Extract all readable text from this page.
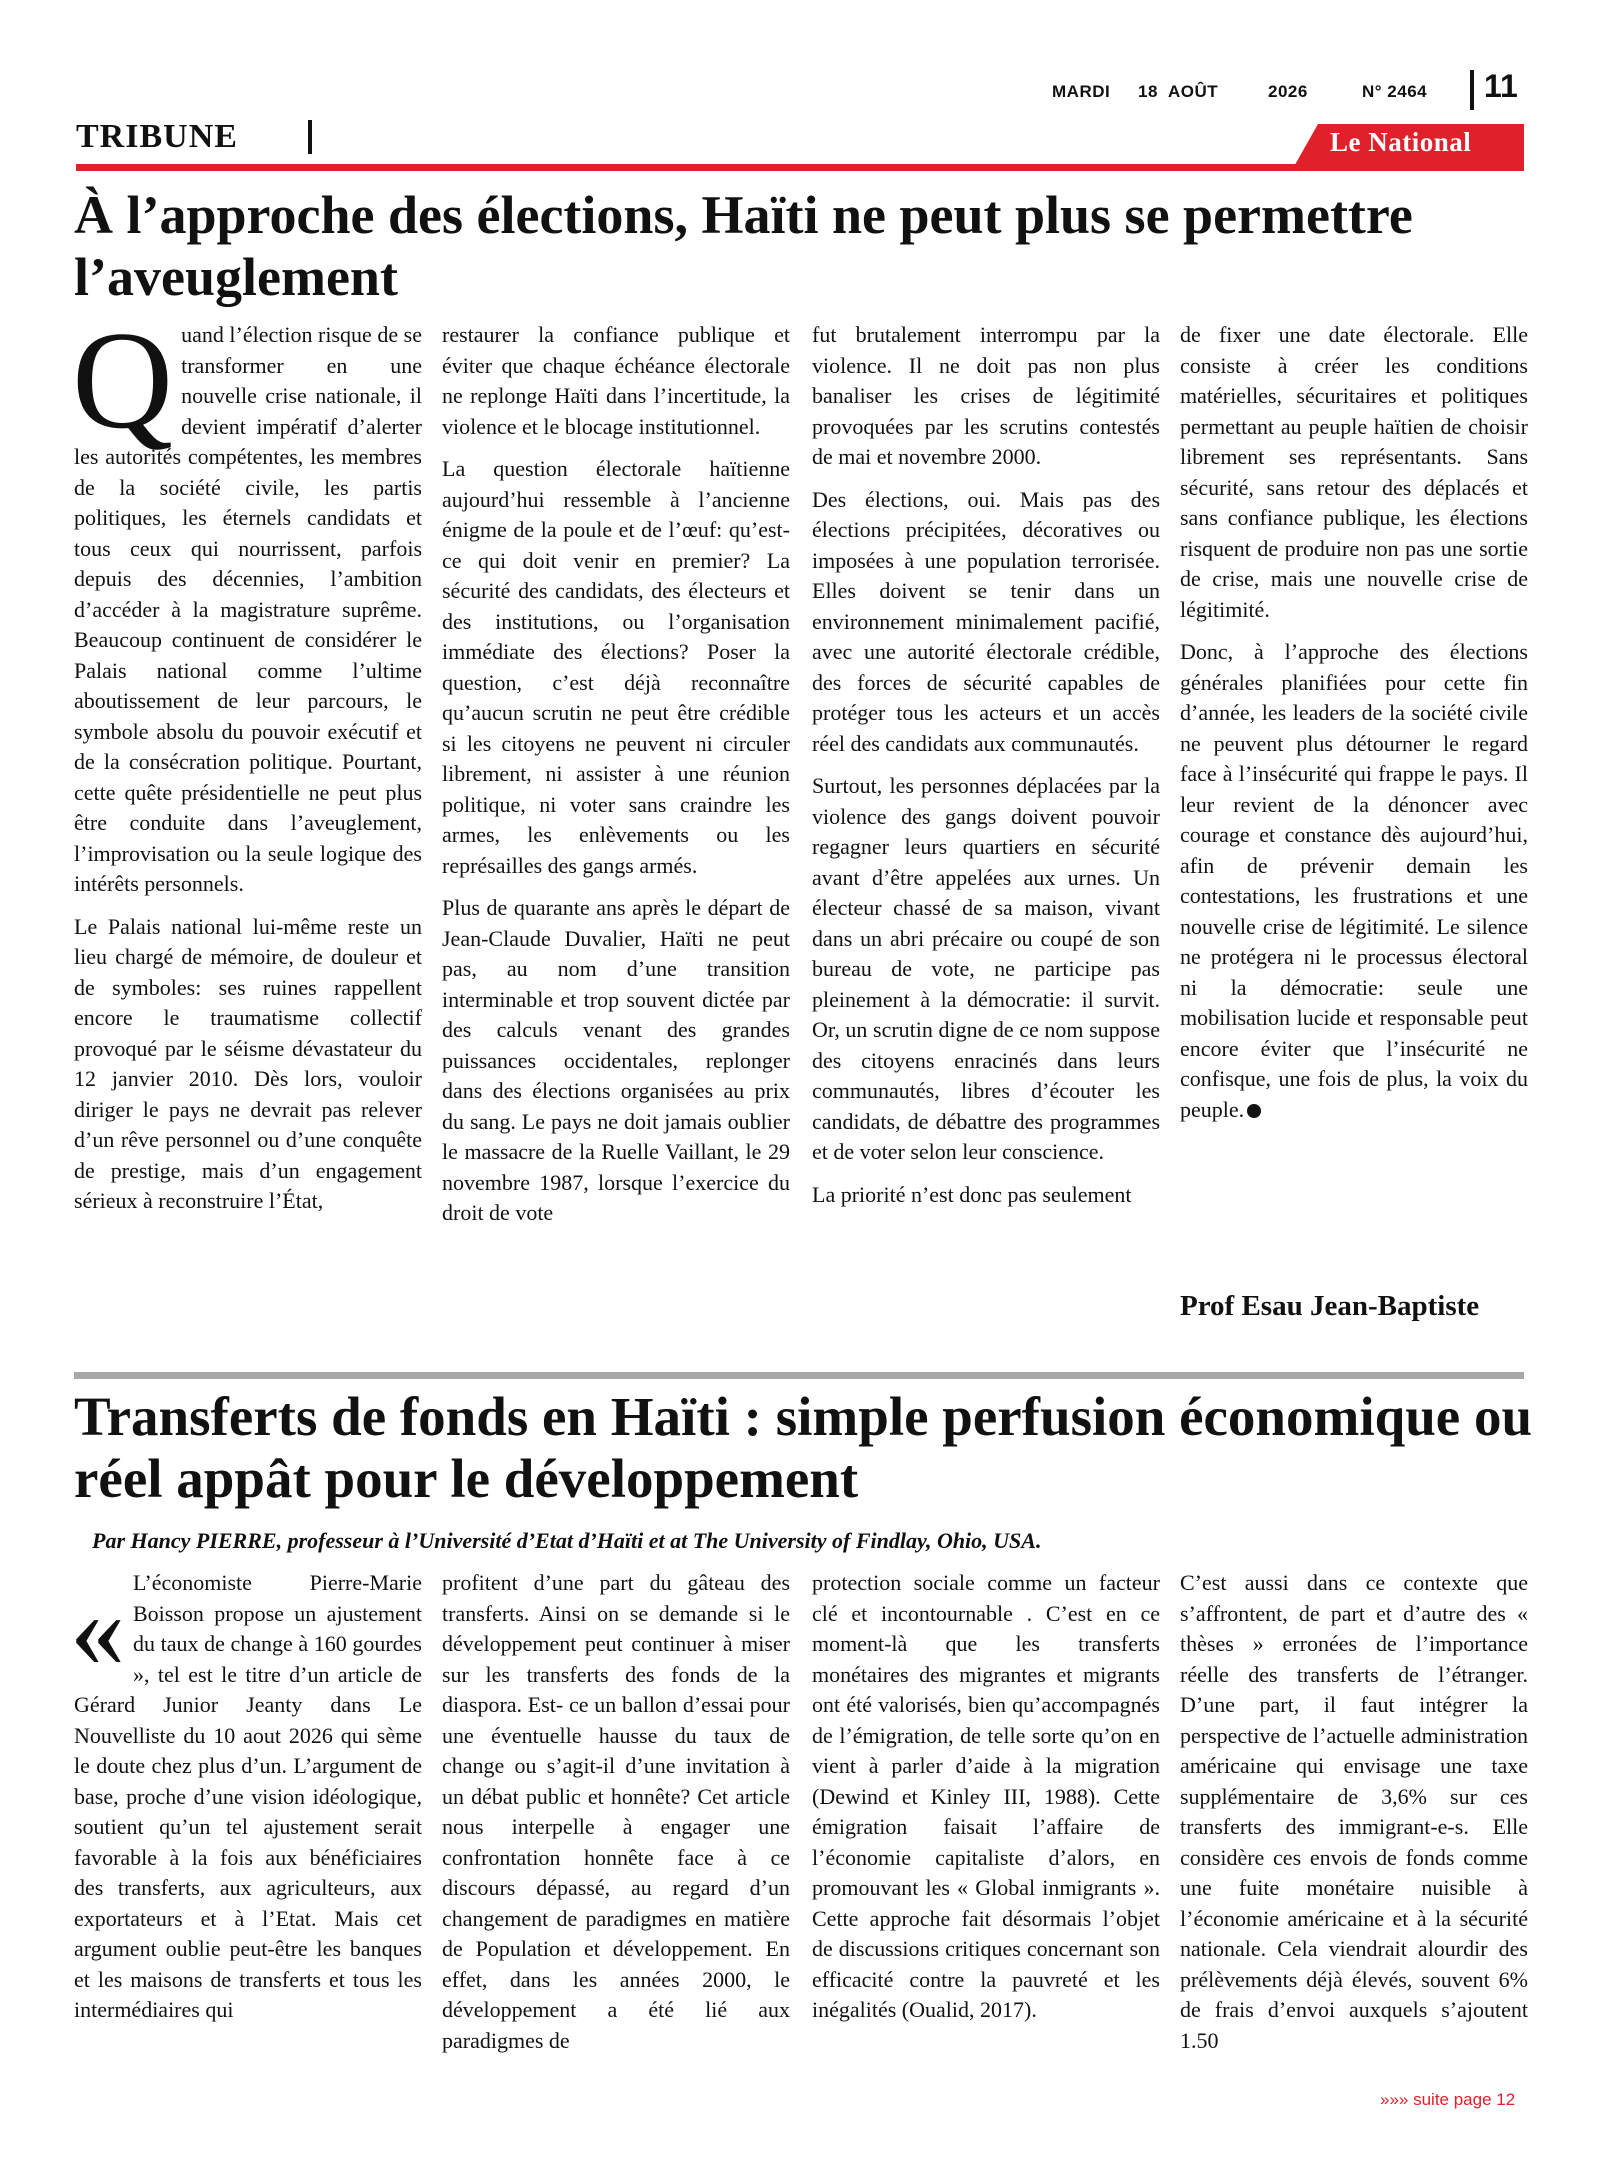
MARDI 18 AOÛT	2026	N° 2464 11
TRIBUNE	Le National
À l’approche des élections, Haïti ne peut plus se permettre l’aveuglement

Quand l’élection risque de se transformer en une nouvelle crise nationale, il devient impératif d’alerter les autorités compétentes, les membres de la société civile, les partis politiques, les éternels candidats et tous ceux qui nourrissent, parfois depuis des décennies, l’ambition d’accéder à la magistrature suprême. Beaucoup continuent de considérer le Palais national comme l’ultime aboutissement de leur parcours, le symbole absolu du pouvoir exécutif et de la consécration politique. Pourtant, cette quête présidentielle ne peut plus être conduite dans l’aveuglement, l’improvisation ou la seule logique des intérêts personnels.

Le Palais national lui-même reste un lieu chargé de mémoire, de douleur et de symboles: ses ruines rappellent encore le traumatisme collectif provoqué par le séisme dévastateur du 12 janvier 2010. Dès lors, vouloir diriger le pays ne devrait pas relever d’un rêve personnel ou d’une conquête de prestige, mais d’un engagement sérieux à reconstruire l’État,

restaurer la confiance publique et éviter que chaque échéance électorale ne replonge Haïti dans l’incertitude, la violence et le blocage institutionnel.

La question électorale haïtienne aujourd’hui ressemble à l’ancienne énigme de la poule et de l’œuf: qu’est-ce qui doit venir en premier? La sécurité des candidats, des électeurs et des institutions, ou l’organisation immédiate des élections? Poser la question, c’est déjà reconnaître qu’aucun scrutin ne peut être crédible si les citoyens ne peuvent ni circuler librement, ni assister à une réunion politique, ni voter sans craindre les armes, les enlèvements ou les représailles des gangs armés.

Plus de quarante ans après le départ de Jean-Claude Duvalier, Haïti ne peut pas, au nom d’une transition interminable et trop souvent dictée par des calculs venant des grandes puissances occidentales, replonger dans des élections organisées au prix du sang. Le pays ne doit jamais oublier le massacre de la Ruelle Vaillant, le 29 novembre 1987, lorsque l’exercice du droit de vote

fut brutalement interrompu par la violence. Il ne doit pas non plus banaliser les crises de légitimité provoquées par les scrutins contestés de mai et novembre 2000.

Des élections, oui. Mais pas des élections précipitées, décoratives ou imposées à une population terrorisée. Elles doivent se tenir dans un environnement minimalement pacifié, avec une autorité électorale crédible, des forces de sécurité capables de protéger tous les acteurs et un accès réel des candidats aux communautés.

Surtout, les personnes déplacées par la violence des gangs doivent pouvoir regagner leurs quartiers en sécurité avant d’être appelées aux urnes. Un électeur chassé de sa maison, vivant dans un abri précaire ou coupé de son bureau de vote, ne participe pas pleinement à la démocratie: il survit. Or, un scrutin digne de ce nom suppose des citoyens enracinés dans leurs communautés, libres d’écouter les candidats, de débattre des programmes et de voter selon leur conscience.

La priorité n’est donc pas seulement

de fixer une date électorale. Elle consiste à créer les conditions matérielles, sécuritaires et politiques permettant au peuple haïtien de choisir librement ses représentants. Sans sécurité, sans retour des déplacés et sans confiance publique, les élections risquent de produire non pas une sortie de crise, mais une nouvelle crise de légitimité.

Donc, à l’approche des élections générales planifiées pour cette fin d’année, les leaders de la société civile ne peuvent plus détourner le regard face à l’insécurité qui frappe le pays. Il leur revient de la dénoncer avec courage et constance dès aujourd’hui, afin de prévenir demain les contestations, les frustrations et une nouvelle crise de légitimité. Le silence ne protégera ni le processus électoral ni la démocratie: seule une mobilisation lucide et responsable peut encore éviter que l’insécurité ne confisque, une fois de plus, la voix du peuple.

Prof Esau Jean-Baptiste
Transferts de fonds en Haïti : simple perfusion économique ou réel appât pour le développement
Par Hancy PIERRE, professeur à l’Université d’Etat d’Haïti et at The University of Findlay, Ohio, USA.

« L’économiste Pierre-Marie Boisson propose un ajustement du taux de change à 160 gourdes », tel est le titre d’un article de Gérard Junior Jeanty dans Le Nouvelliste du 10 aout 2026 qui sème le doute chez plus d’un. L’argument de base, proche d’une vision idéologique, soutient qu’un tel ajustement serait favorable à la fois aux bénéficiaires des transferts, aux agriculteurs, aux exportateurs et à l’Etat. Mais cet argument oublie peut-être les banques et les maisons de transferts et tous les intermédiaires qui

profitent d’une part du gâteau des transferts. Ainsi on se demande si le développement peut continuer à miser sur les transferts des fonds de la diaspora. Est- ce un ballon d’essai pour une éventuelle hausse du taux de change ou s’agit-il d’une invitation à un débat public et honnête? Cet article nous interpelle à engager une confrontation honnête face à ce discours dépassé, au regard d’un changement de paradigmes en matière de Population et développement. En effet, dans les années 2000, le développement a été lié aux paradigmes de

protection sociale comme un facteur clé et incontournable . C’est en ce moment-là que les transferts monétaires des migrantes et migrants ont été valorisés, bien qu’accompagnés de l’émigration, de telle sorte qu’on en vient à parler d’aide à la migration (Dewind et Kinley III, 1988). Cette émigration faisait l’affaire de l’économie capitaliste d’alors, en promouvant les « Global inmigrants ». Cette approche fait désormais l’objet de discussions critiques concernant son efficacité contre la pauvreté et les inégalités (Oualid, 2017).

C’est aussi dans ce contexte que s’affrontent, de part et d’autre des « thèses » erronées de l’importance réelle des transferts de l’étranger. D’une part, il faut intégrer la perspective de l’actuelle administration américaine qui envisage une taxe supplémentaire de 3,6% sur ces transferts des immigrant-e-s. Elle considère ces envois de fonds comme une fuite monétaire nuisible à l’économie américaine et à la sécurité nationale. Cela viendrait alourdir des prélèvements déjà élevés, souvent 6% de frais d’envoi auxquels s’ajoutent 1.50

»»» suite page 12
